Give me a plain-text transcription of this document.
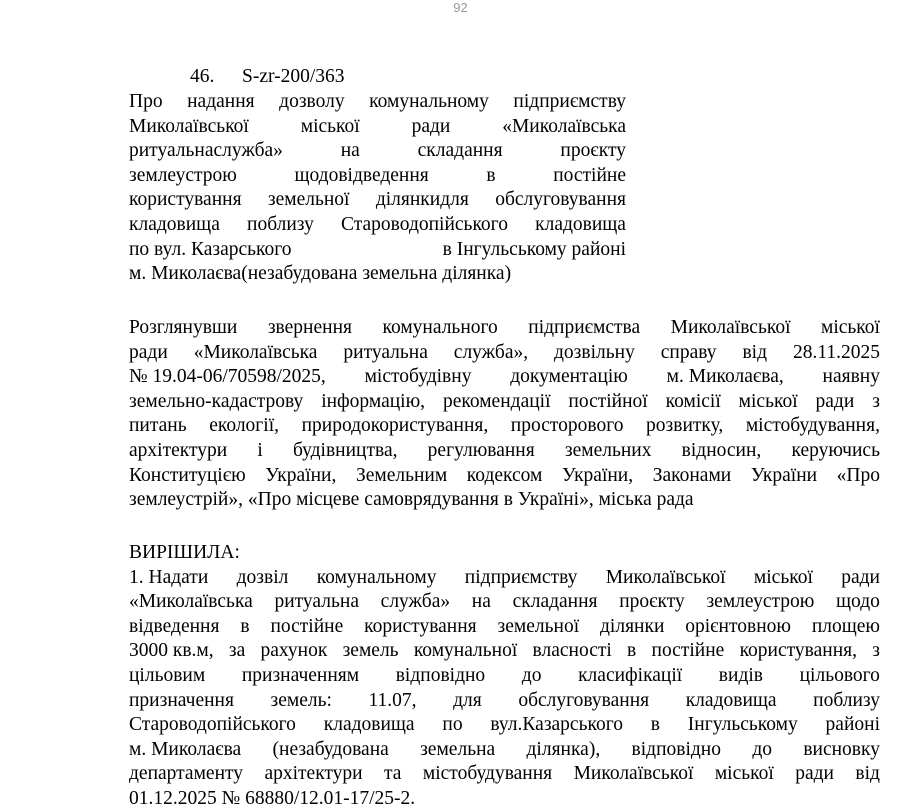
92
46. S-zr-200/363
Про надання дозволу комунальному підприємству
Миколаївської	міської	ради	«Миколаївська
ритуальнаслужба»	на	складання	проєкту
землеустрою	щодовідведення	в	постійне
користування земельної ділянкидля обслуговування
кладовища поблизу Староводопійського кладовища
по вул. Казарського	в Інгульському районі
м. Миколаєва(незабудована земельна ділянка)
Розглянувши звернення комунального підприємства Миколаївської міської
ради «Миколаївська ритуальна служба», дозвільну справу від 28.11.2025
№ 19.04-06/70598/2025, містобудівну документацію м. Миколаєва, наявну
земельно-кадастрову інформацію, рекомендації постійної комісії міської ради з
питань екології, природокористування, просторового розвитку, містобудування,
архітектури і будівництва, регулювання земельних відносин, керуючись
Конституцією України, Земельним кодексом України, Законами України «Про
землеустрій», «Про місцеве самоврядування в Україні», міська рада
ВИРІШИЛА:
1. Надати дозвіл комунальному підприємству Миколаївської міської ради
«Миколаївська ритуальна служба» на складання проєкту землеустрою щодо
відведення в постійне користування земельної ділянки орієнтовною площею
3000 кв.м, за рахунок земель комунальної власності в постійне користування, з
цільовим призначенням відповідно до класифікації видів цільового
призначення земель: 11.07, для обслуговування кладовища поблизу
Староводопійського кладовища по вул.Казарського в Інгульському районі
м. Миколаєва (незабудована земельна ділянка), відповідно до висновку
департаменту архітектури та містобудування Миколаївської міської ради від
01.12.2025 № 68880/12.01-17/25-2.
